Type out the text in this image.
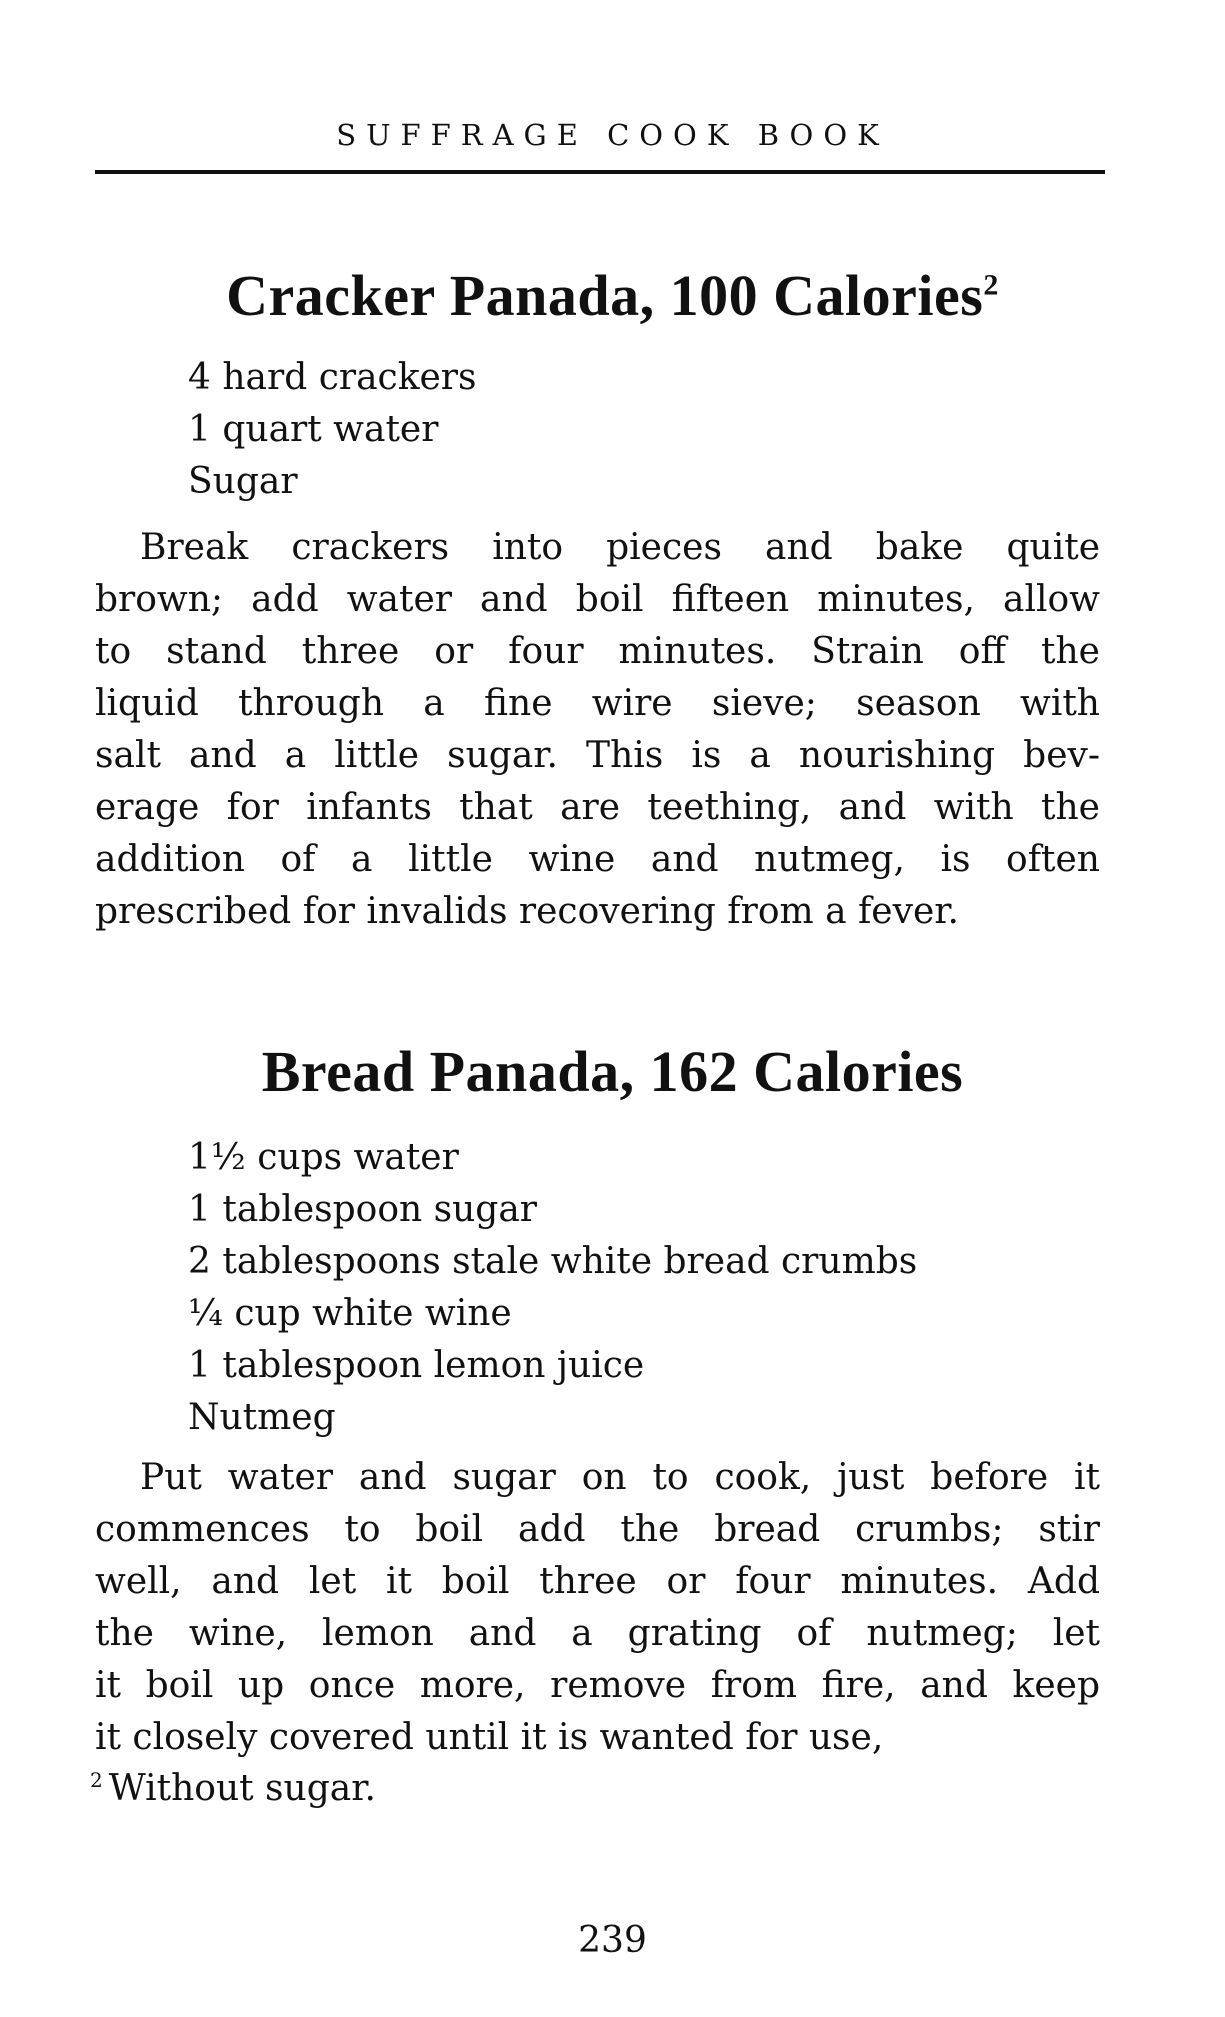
SUFFRAGE COOK BOOK
Cracker Panada, 100 Calories$^2$
4 hard crackers
1 quart water
Sugar
Break crackers into pieces and bake quite
brown; add water and boil fifteen minutes, allow
to stand three or four minutes. Strain off the
liquid through a fine wire sieve; season with
salt and a little sugar. This is a nourishing bev-
erage for infants that are teething, and with the
addition of a little wine and nutmeg, is often
prescribed for invalids recovering from a fever.
Bread Panada, 162 Calories
1½ cups water
1 tablespoon sugar
2 tablespoons stale white bread crumbs
¼ cup white wine
1 tablespoon lemon juice
Nutmeg
Put water and sugar on to cook, just before it
commences to boil add the bread crumbs; stir
well, and let it boil three or four minutes. Add
the wine, lemon and a grating of nutmeg; let
it boil up once more, remove from fire, and keep
it closely covered until it is wanted for use,
$^2$ Without sugar.
239
